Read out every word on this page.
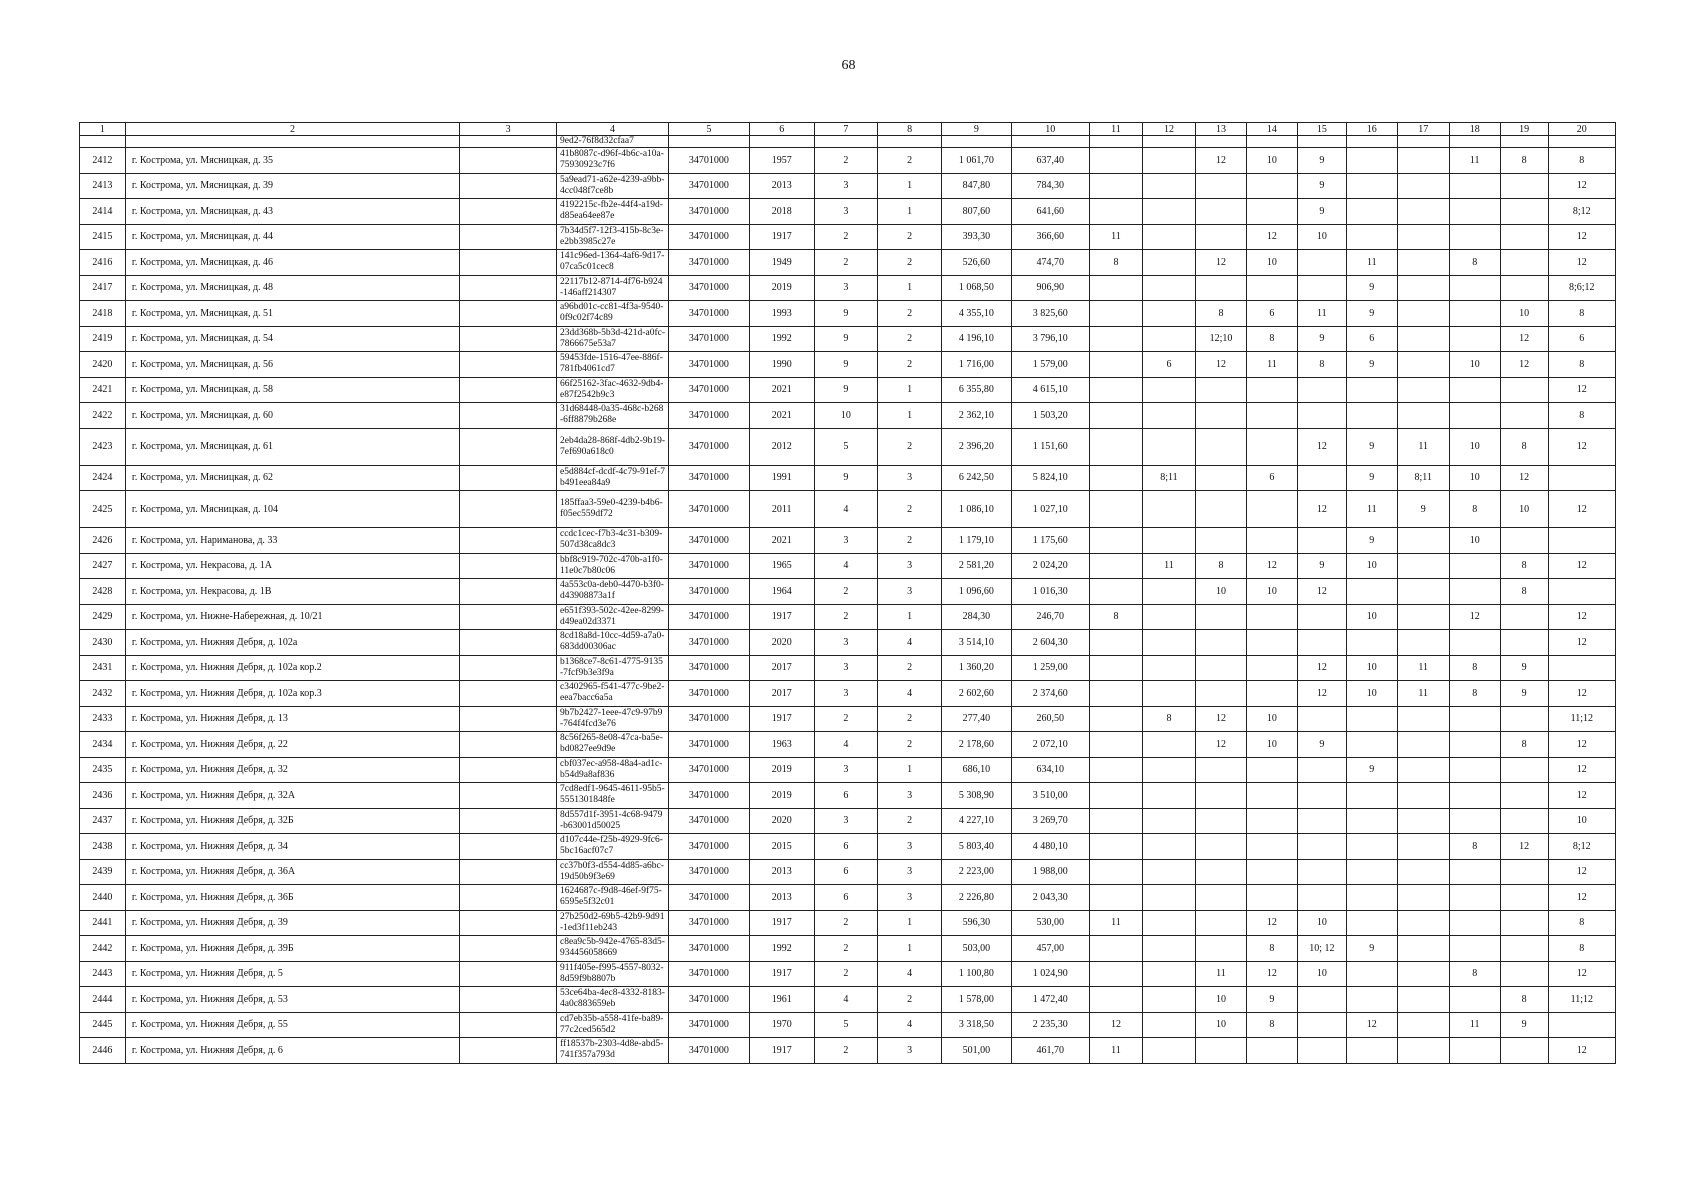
68
1	2	3	4	5	6	7	8	9	10	11	12	13	14	15	16	17	18	19	20
			9ed2-76f8d32cfaa7																
2412	г. Кострома, ул. Мясницкая, д. 35		41b8087c-d96f-4b6c-a10a-75930923c7f6	34701000	1957	2	2	1 061,70	637,40			12	10	9			11	8	8
2413	г. Кострома, ул. Мясницкая, д. 39		5a9ead71-a62e-4239-a9bb-4cc048f7ce8b	34701000	2013	3	1	847,80	784,30					9					12
2414	г. Кострома, ул. Мясницкая, д. 43		4192215c-fb2e-44f4-a19d-d85ea64ee87e	34701000	2018	3	1	807,60	641,60					9					8;12
2415	г. Кострома, ул. Мясницкая, д. 44		7b34d5f7-12f3-415b-8c3e-e2bb3985c27e	34701000	1917	2	2	393,30	366,60	11			12	10					12
2416	г. Кострома, ул. Мясницкая, д. 46		141c96ed-1364-4af6-9d17-07ca5c01cec8	34701000	1949	2	2	526,60	474,70	8		12	10		11		8		12
2417	г. Кострома, ул. Мясницкая, д. 48		22117b12-8714-4f76-b924-146aff214307	34701000	2019	3	1	1 068,50	906,90						9				8;6;12
2418	г. Кострома, ул. Мясницкая, д. 51		a96bd01c-cc81-4f3a-9540-0f9c02f74c89	34701000	1993	9	2	4 355,10	3 825,60			8	6	11	9			10	8
2419	г. Кострома, ул. Мясницкая, д. 54		23dd368b-5b3d-421d-a0fc-7866675e53a7	34701000	1992	9	2	4 196,10	3 796,10			12;10	8	9	6			12	6
2420	г. Кострома, ул. Мясницкая, д. 56		59453fde-1516-47ee-886f-781fb4061cd7	34701000	1990	9	2	1 716,00	1 579,00		6	12	11	8	9		10	12	8
2421	г. Кострома, ул. Мясницкая, д. 58		66f25162-3fac-4632-9db4-e87f2542b9c3	34701000	2021	9	1	6 355,80	4 615,10										12
2422	г. Кострома, ул. Мясницкая, д. 60		31d68448-0a35-468c-b268-6ff8879b268e	34701000	2021	10	1	2 362,10	1 503,20										8
2423	г. Кострома, ул. Мясницкая, д. 61		2eb4da28-868f-4db2-9b19-7ef690a618c0	34701000	2012	5	2	2 396,20	1 151,60					12	9	11	10	8	12
2424	г. Кострома, ул. Мясницкая, д. 62		e5d884cf-dcdf-4c79-91ef-7b491eea84a9	34701000	1991	9	3	6 242,50	5 824,10		8;11		6		9	8;11	10	12	
2425	г. Кострома, ул. Мясницкая, д. 104		185ffaa3-59e0-4239-b4b6-f05ec559df72	34701000	2011	4	2	1 086,10	1 027,10					12	11	9	8	10	12
2426	г. Кострома, ул. Нариманова, д. 33		ccdc1cec-f7b3-4c31-b309-507d38ca8dc3	34701000	2021	3	2	1 179,10	1 175,60						9		10		
2427	г. Кострома, ул. Некрасова, д. 1А		bbf8c919-702c-470b-a1f0-11e0c7b80c06	34701000	1965	4	3	2 581,20	2 024,20		11	8	12	9	10			8	12
2428	г. Кострома, ул. Некрасова, д. 1В		4a553c0a-deb0-4470-b3f0-d43908873a1f	34701000	1964	2	3	1 096,60	1 016,30			10	10	12				8	
2429	г. Кострома, ул. Нижне-Набережная, д. 10/21		e651f393-502c-42ee-8299-d49ea02d3371	34701000	1917	2	1	284,30	246,70	8					10		12		12
2430	г. Кострома, ул. Нижняя Дебря, д. 102а		8cd18a8d-10cc-4d59-a7a0-683dd00306ac	34701000	2020	3	4	3 514,10	2 604,30										12
2431	г. Кострома, ул. Нижняя Дебря, д. 102а кор.2		b1368ce7-8c61-4775-9135-7fcf9b3e3f9a	34701000	2017	3	2	1 360,20	1 259,00					12	10	11	8	9	
2432	г. Кострома, ул. Нижняя Дебря, д. 102а кор.3		c3402965-f541-477c-9be2-eea7bacc6a5a	34701000	2017	3	4	2 602,60	2 374,60					12	10	11	8	9	12
2433	г. Кострома, ул. Нижняя Дебря, д. 13		9b7b2427-1eee-47c9-97b9-764f4fcd3e76	34701000	1917	2	2	277,40	260,50		8	12	10						11;12
2434	г. Кострома, ул. Нижняя Дебря, д. 22		8c56f265-8e08-47ca-ba5e-bd0827ee9d9e	34701000	1963	4	2	2 178,60	2 072,10			12	10	9				8	12
2435	г. Кострома, ул. Нижняя Дебря, д. 32		cbf037ec-a958-48a4-ad1c-b54d9a8af836	34701000	2019	3	1	686,10	634,10						9				12
2436	г. Кострома, ул. Нижняя Дебря, д. 32А		7cd8edf1-9645-4611-95b5-5551301848fe	34701000	2019	6	3	5 308,90	3 510,00										12
2437	г. Кострома, ул. Нижняя Дебря, д. 32Б		8d557d1f-3951-4c68-9479-b63001d50025	34701000	2020	3	2	4 227,10	3 269,70										10
2438	г. Кострома, ул. Нижняя Дебря, д. 34		d107c44e-f25b-4929-9fc6-5bc16acf07c7	34701000	2015	6	3	5 803,40	4 480,10								8	12	8;12
2439	г. Кострома, ул. Нижняя Дебря, д. 36А		cc37b0f3-d554-4d85-a6bc-19d50b9f3e69	34701000	2013	6	3	2 223,00	1 988,00										12
2440	г. Кострома, ул. Нижняя Дебря, д. 36Б		1624687c-f9d8-46ef-9f75-6595e5f32c01	34701000	2013	6	3	2 226,80	2 043,30										12
2441	г. Кострома, ул. Нижняя Дебря, д. 39		27b250d2-69b5-42b9-9d91-1ed3f11eb243	34701000	1917	2	1	596,30	530,00	11			12	10					8
2442	г. Кострома, ул. Нижняя Дебря, д. 39Б		c8ea9c5b-942e-4765-83d5-934456058669	34701000	1992	2	1	503,00	457,00				8	10; 12	9				8
2443	г. Кострома, ул. Нижняя Дебря, д. 5		911f405e-f995-4557-8032-8d59f9b8807b	34701000	1917	2	4	1 100,80	1 024,90			11	12	10			8		12
2444	г. Кострома, ул. Нижняя Дебря, д. 53		53ce64ba-4ec8-4332-8183-4a0c883659eb	34701000	1961	4	2	1 578,00	1 472,40			10	9					8	11;12
2445	г. Кострома, ул. Нижняя Дебря, д. 55		cd7eb35b-a558-41fe-ba89-77c2ced565d2	34701000	1970	5	4	3 318,50	2 235,30	12		10	8		12		11	9	
2446	г. Кострома, ул. Нижняя Дебря, д. 6		ff18537b-2303-4d8e-abd5-741f357a793d	34701000	1917	2	3	501,00	461,70	11									12
